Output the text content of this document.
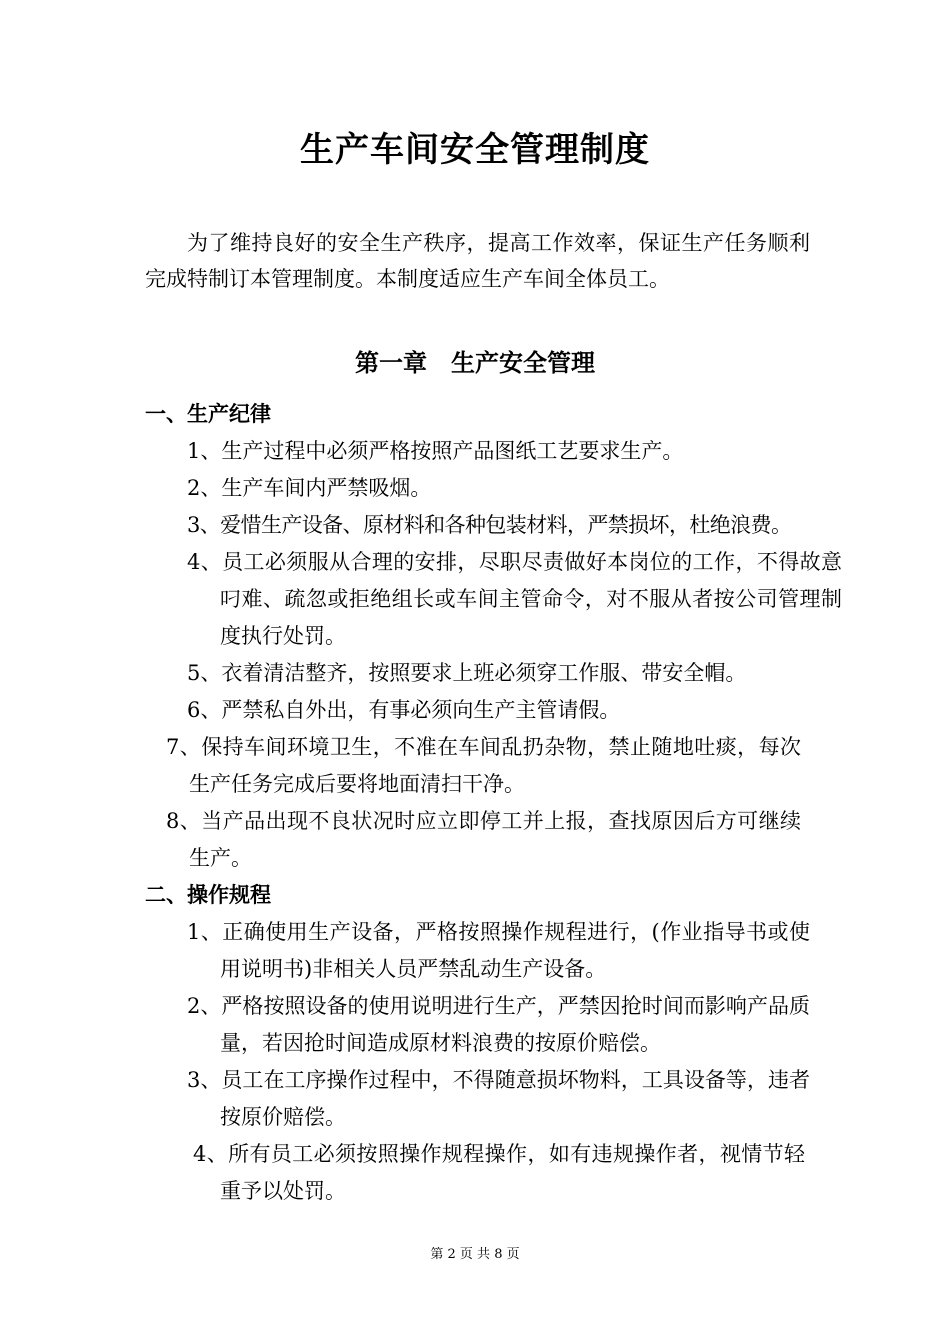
生产车间安全管理制度
为了维持良好的安全生产秩序，提高工作效率，保证生产任务顺利完成特制订本管理制度。本制度适应生产车间全体员工。
第一章　生产安全管理
一、生产纪律
1、生产过程中必须严格按照产品图纸工艺要求生产。
2、生产车间内严禁吸烟。
3、爱惜生产设备、原材料和各种包装材料，严禁损坏，杜绝浪费。
4、员工必须服从合理的安排，尽职尽责做好本岗位的工作，不得故意叼难、疏忽或拒绝组长或车间主管命令，对不服从者按公司管理制度执行处罚。
5、衣着清洁整齐，按照要求上班必须穿工作服、带安全帽。
6、严禁私自外出，有事必须向生产主管请假。
7、保持车间环境卫生，不准在车间乱扔杂物，禁止随地吐痰，每次生产任务完成后要将地面清扫干净。
8、当产品出现不良状况时应立即停工并上报，查找原因后方可继续生产。
二、操作规程
1、正确使用生产设备，严格按照操作规程进行，(作业指导书或使用说明书)非相关人员严禁乱动生产设备。
2、严格按照设备的使用说明进行生产，严禁因抢时间而影响产品质量，若因抢时间造成原材料浪费的按原价赔偿。
3、员工在工序操作过程中，不得随意损坏物料，工具设备等，违者按原价赔偿。
4、所有员工必须按照操作规程操作，如有违规操作者，视情节轻重予以处罚。
第 2 页 共 8 页
